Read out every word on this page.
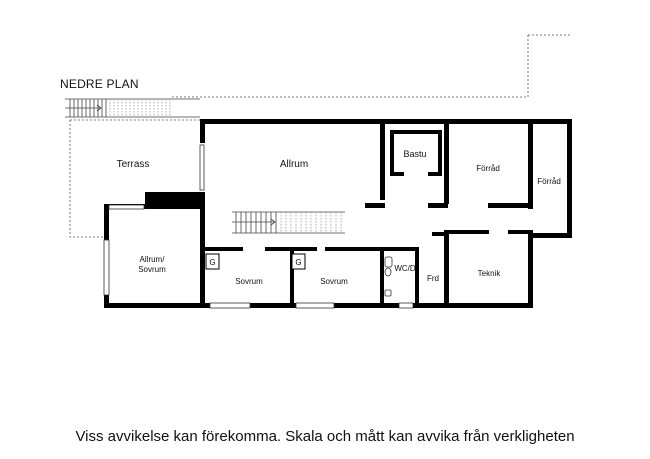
NEDRE PLAN
Terrass	Allrum
Bastu
Förråd
Förråd
Allrum/
Sovrum
Sovrum	Sovrum
WC/D
Frd
Teknik
G	G
Viss avvikelse kan förekomma. Skala och mått kan avvika från verkligheten
